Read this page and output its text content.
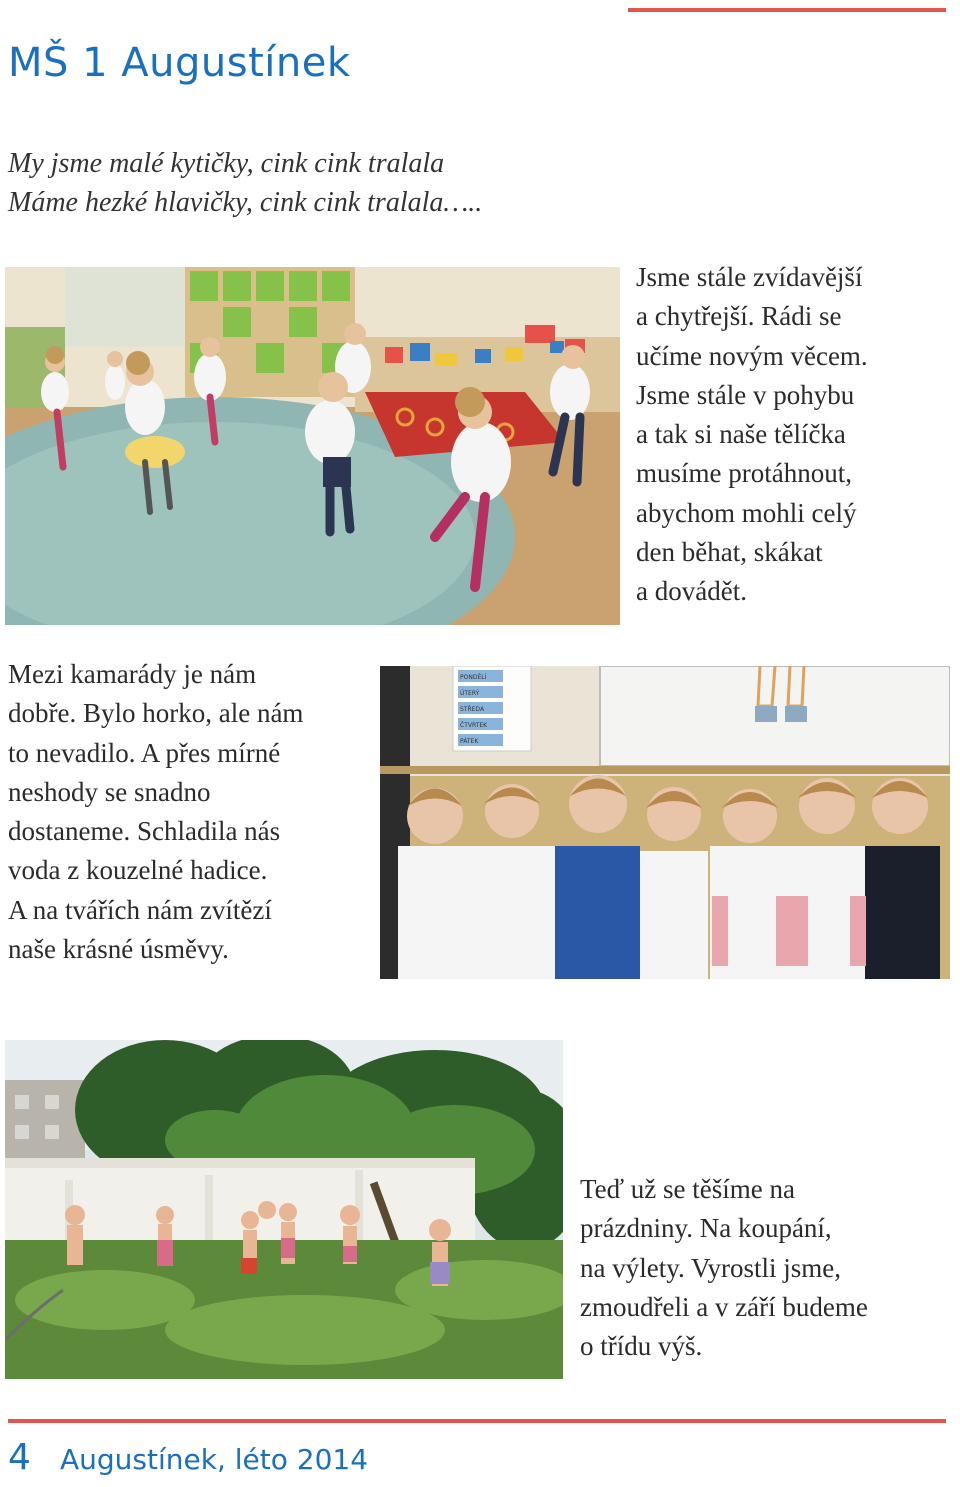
MŠ 1 Augustínek
My jsme malé kytičky, cink cink tralala
Máme hezké hlavičky, cink cink tralala…..
Jsme stále zvídavější
a chytřejší. Rádi se
učíme novým věcem.
Jsme stále v pohybu
a tak si naše tělíčka
musíme protáhnout,
abychom mohli celý
den běhat, skákat
a dovádět.
Mezi kamarády je nám
dobře. Bylo horko, ale nám
to nevadilo. A přes mírné
neshody se snadno
dostaneme. Schladila nás
voda z kouzelné hadice.
A na tvářích nám zvítězí
naše krásné úsměvy.
PONDĚLÍ
ÚTERÝ
STŘEDA
ČTVRTEK
PÁTEK
Teď už se těšíme na
prázdniny. Na koupání,
na výlety. Vyrostli jsme,
zmoudřeli a v září budeme
o třídu výš.
4 Augustínek, léto 2014
